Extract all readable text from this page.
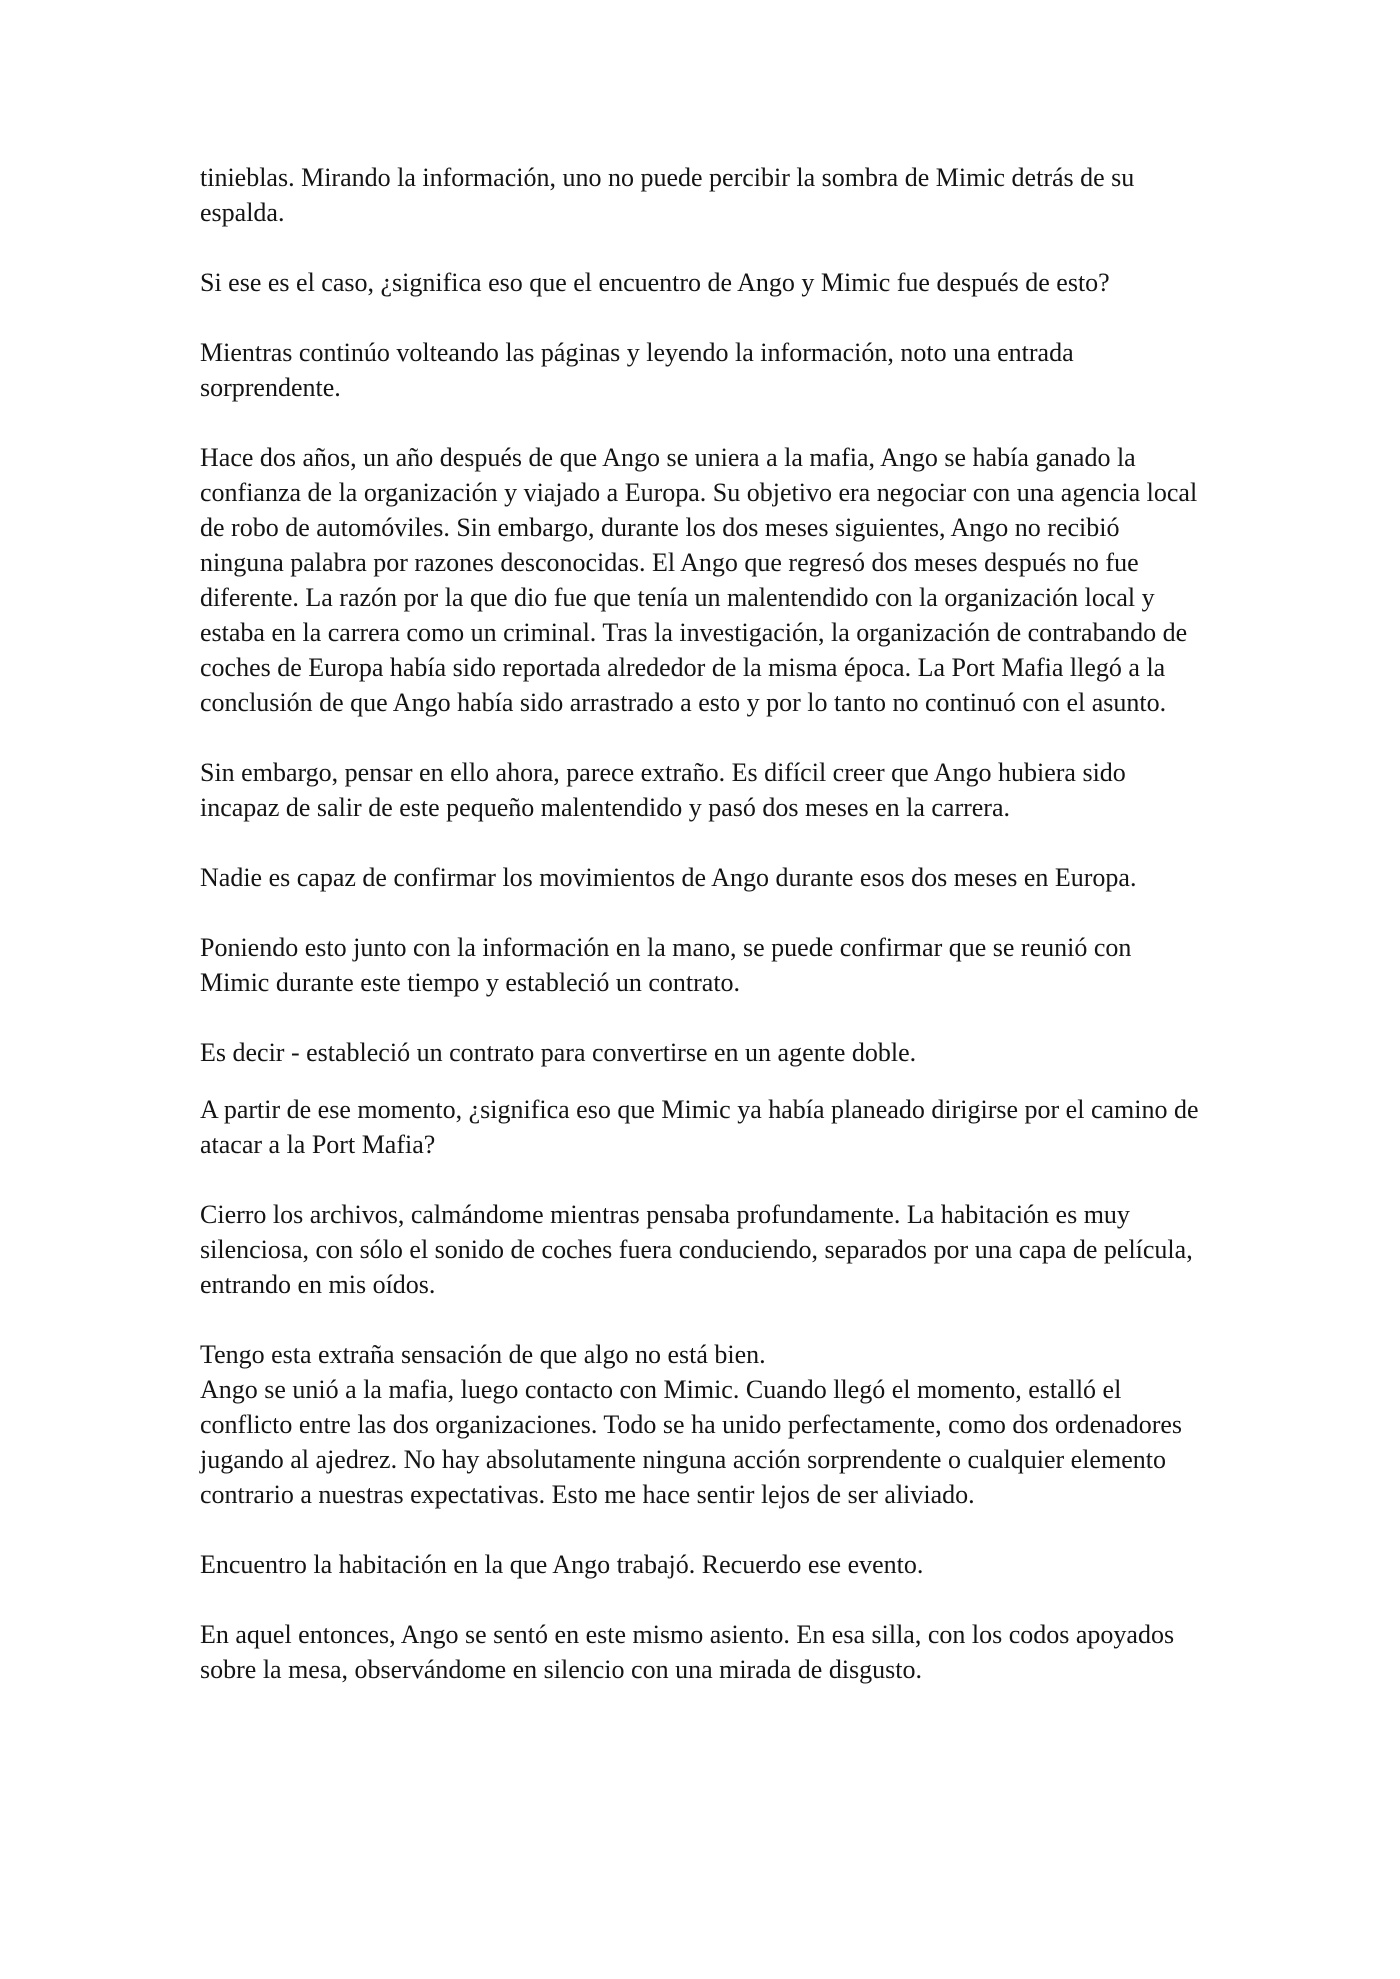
tinieblas. Mirando la información, uno no puede percibir la sombra de Mimic detrás de su espalda.

Si ese es el caso, ¿significa eso que el encuentro de Ango y Mimic fue después de esto?

Mientras continúo volteando las páginas y leyendo la información, noto una entrada sorprendente.

Hace dos años, un año después de que Ango se uniera a la mafia, Ango se había ganado la confianza de la organización y viajado a Europa. Su objetivo era negociar con una agencia local de robo de automóviles. Sin embargo, durante los dos meses siguientes, Ango no recibió ninguna palabra por razones desconocidas. El Ango que regresó dos meses después no fue diferente. La razón por la que dio fue que tenía un malentendido con la organización local y estaba en la carrera como un criminal. Tras la investigación, la organización de contrabando de coches de Europa había sido reportada alrededor de la misma época. La Port Mafia llegó a la conclusión de que Ango había sido arrastrado a esto y por lo tanto no continuó con el asunto.

Sin embargo, pensar en ello ahora, parece extraño. Es difícil creer que Ango hubiera sido incapaz de salir de este pequeño malentendido y pasó dos meses en la carrera.

Nadie es capaz de confirmar los movimientos de Ango durante esos dos meses en Europa.

Poniendo esto junto con la información en la mano, se puede confirmar que se reunió con Mimic durante este tiempo y estableció un contrato.

Es decir - estableció un contrato para convertirse en un agente doble.

A partir de ese momento, ¿significa eso que Mimic ya había planeado dirigirse por el camino de atacar a la Port Mafia?

Cierro los archivos, calmándome mientras pensaba profundamente. La habitación es muy silenciosa, con sólo el sonido de coches fuera conduciendo, separados por una capa de película, entrando en mis oídos.

Tengo esta extraña sensación de que algo no está bien.

Ango se unió a la mafia, luego contacto con Mimic. Cuando llegó el momento, estalló el conflicto entre las dos organizaciones. Todo se ha unido perfectamente, como dos ordenadores jugando al ajedrez. No hay absolutamente ninguna acción sorprendente o cualquier elemento contrario a nuestras expectativas. Esto me hace sentir lejos de ser aliviado.

Encuentro la habitación en la que Ango trabajó. Recuerdo ese evento.

En aquel entonces, Ango se sentó en este mismo asiento. En esa silla, con los codos apoyados sobre la mesa, observándome en silencio con una mirada de disgusto.
